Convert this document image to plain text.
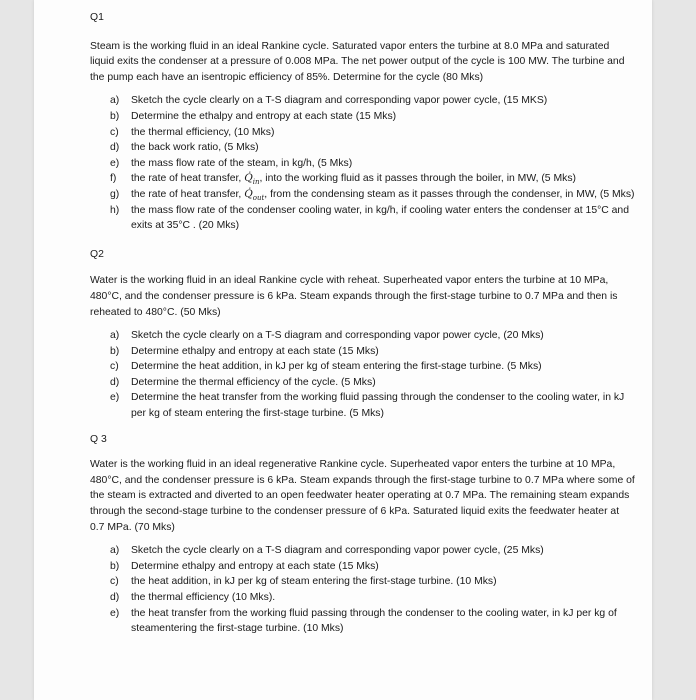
Q1

Steam is the working fluid in an ideal Rankine cycle. Saturated vapor enters the turbine at 8.0 MPa and saturated liquid exits the condenser at a pressure of 0.008 MPa. The net power output of the cycle is 100 MW. The turbine and the pump each have an isentropic efficiency of 85%. Determine for the cycle (80 Mks)

a) Sketch the cycle clearly on a T-S diagram and corresponding vapor power cycle, (15 MKS)
b) Determine the ethalpy and entropy at each state (15 Mks)
c) the thermal efficiency, (10 Mks)
d) the back work ratio, (5 Mks)
e) the mass flow rate of the steam, in kg/h, (5 Mks)
f) the rate of heat transfer, $Q̇_{in}$, into the working fluid as it passes through the boiler, in MW, (5 Mks)
g) the rate of heat transfer, $Q̇_{out}$, from the condensing steam as it passes through the condenser, in MW, (5 Mks)
h) the mass flow rate of the condenser cooling water, in kg/h, if cooling water enters the condenser at 15°C and exits at 35°C . (20 Mks)

Q2

Water is the working fluid in an ideal Rankine cycle with reheat. Superheated vapor enters the turbine at 10 MPa, 480°C, and the condenser pressure is 6 kPa. Steam expands through the first-stage turbine to 0.7 MPa and then is reheated to 480°C. (50 Mks)

a) Sketch the cycle clearly on a T-S diagram and corresponding vapor power cycle, (20 Mks)
b) Determine ethalpy and entropy at each state (15 Mks)
c) Determine the heat addition, in kJ per kg of steam entering the first-stage turbine. (5 Mks)
d) Determine the thermal efficiency of the cycle. (5 Mks)
e) Determine the heat transfer from the working fluid passing through the condenser to the cooling water, in kJ per kg of steam entering the first-stage turbine. (5 Mks)

Q 3

Water is the working fluid in an ideal regenerative Rankine cycle. Superheated vapor enters the turbine at 10 MPa, 480°C, and the condenser pressure is 6 kPa. Steam expands through the first-stage turbine to 0.7 MPa where some of the steam is extracted and diverted to an open feedwater heater operating at 0.7 MPa. The remaining steam expands through the second-stage turbine to the condenser pressure of 6 kPa. Saturated liquid exits the feedwater heater at 0.7 MPa. (70 Mks)

a) Sketch the cycle clearly on a T-S diagram and corresponding vapor power cycle, (25 Mks)
b) Determine ethalpy and entropy at each state (15 Mks)
c) the heat addition, in kJ per kg of steam entering the first-stage turbine. (10 Mks)
d) the thermal efficiency (10 Mks).
e) the heat transfer from the working fluid passing through the condenser to the cooling water, in kJ per kg of steamentering the first-stage turbine. (10 Mks)
